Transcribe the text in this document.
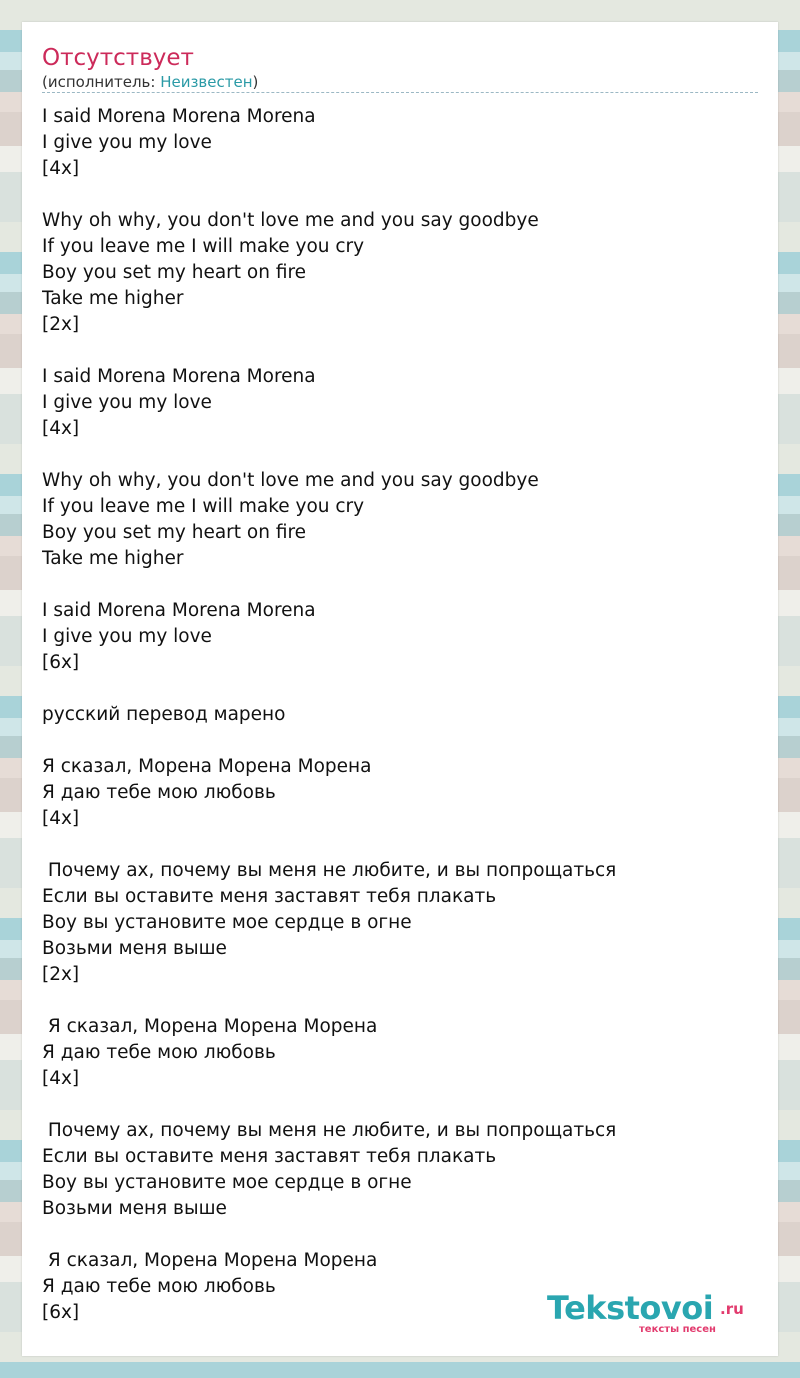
Отсутствует
(исполнитель: Неизвестен)
I said Morena Morena Morena
I give you my love
[4x]
Why oh why, you don't love me and you say goodbye
If you leave me I will make you cry
Boy you set my heart on fire
Take me higher
[2x]
I said Morena Morena Morena
I give you my love
[4x]
Why oh why, you don't love me and you say goodbye
If you leave me I will make you cry
Boy you set my heart on fire
Take me higher
I said Morena Morena Morena
I give you my love
[6x]
русский перевод марено
Я сказал, Морена Морена Морена
Я даю тебе мою любовь
[4x]
Почему ах, почему вы меня не любите, и вы попрощаться
Если вы оставите меня заставят тебя плакать
Boy вы установите мое сердце в огне
Возьми меня выше
[2x]
Я сказал, Морена Морена Морена
Я даю тебе мою любовь
[4x]
Почему ах, почему вы меня не любите, и вы попрощаться
Если вы оставите меня заставят тебя плакать
Boy вы установите мое сердце в огне
Возьми меня выше
Я сказал, Морена Морена Морена
Я даю тебе мою любовь
[6x]	Tekstovoi .ru
тексты песен
